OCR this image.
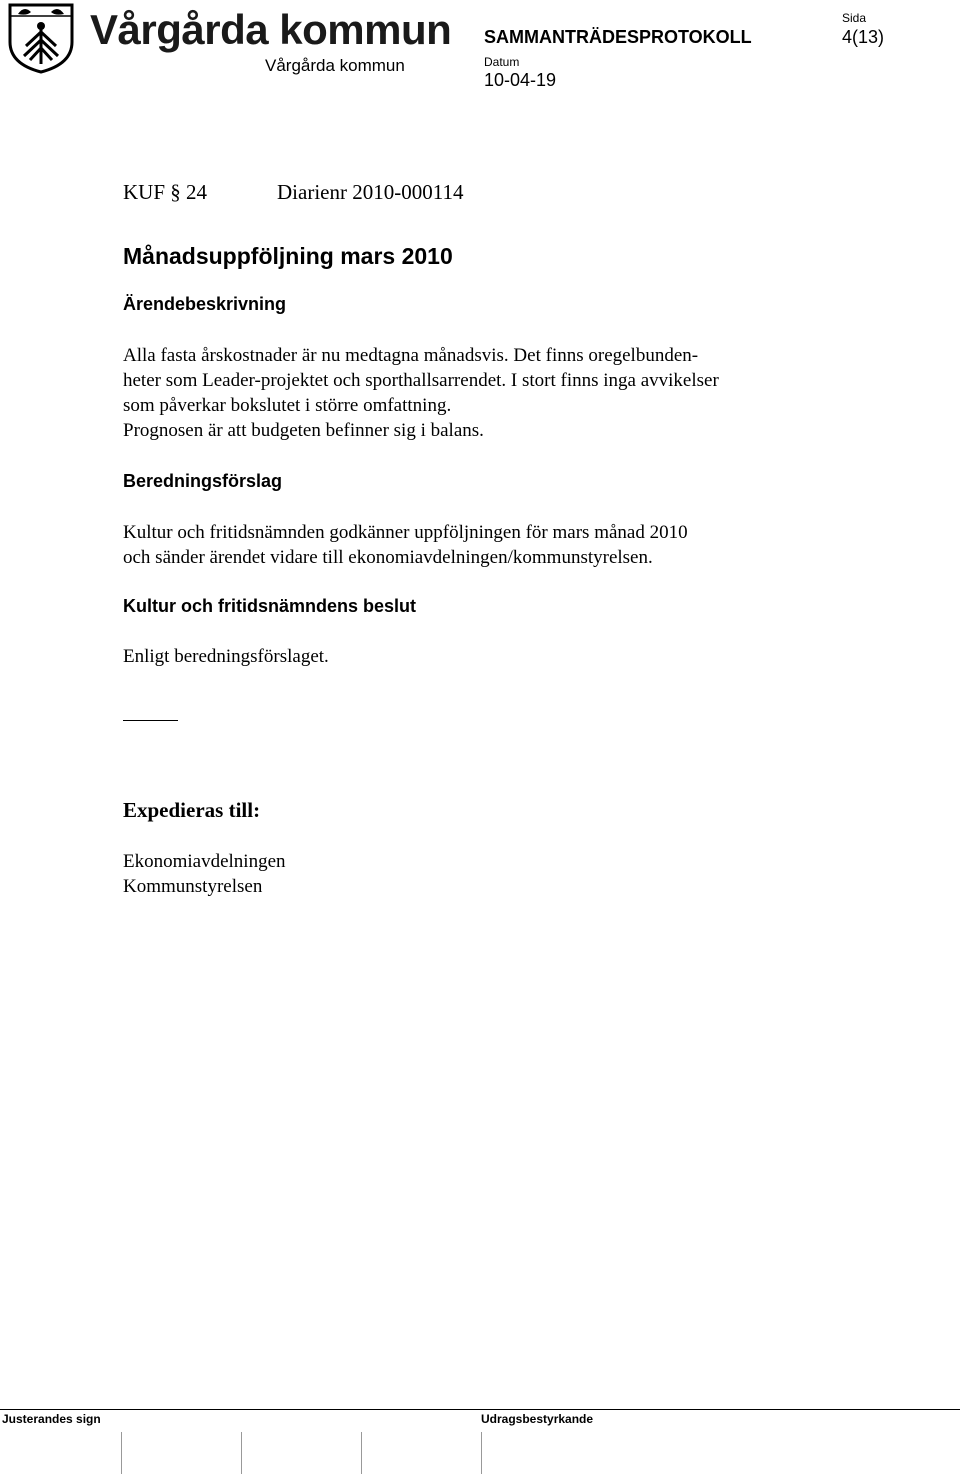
Vårgårda kommun
Vårgårda kommun
SAMMANTRÄDESPROTOKOLL
Sida
4(13)
Datum
10-04-19
KUF § 24	Diarienr 2010-000114
Månadsuppföljning mars 2010
Ärendebeskrivning
Alla fasta årskostnader är nu medtagna månadsvis. Det finns oregelbunden-
heter som Leader-projektet och sporthallsarrendet. I stort finns inga avvikelser
som påverkar bokslutet i större omfattning.
Prognosen är att budgeten befinner sig i balans.
Beredningsförslag
Kultur och fritidsnämnden godkänner uppföljningen för mars månad 2010
och sänder ärendet vidare till ekonomiavdelningen/kommunstyrelsen.
Kultur och fritidsnämndens beslut
Enligt beredningsförslaget.
Expedieras till:
Ekonomiavdelningen
Kommunstyrelsen
Justerandes sign	Udragsbestyrkande
